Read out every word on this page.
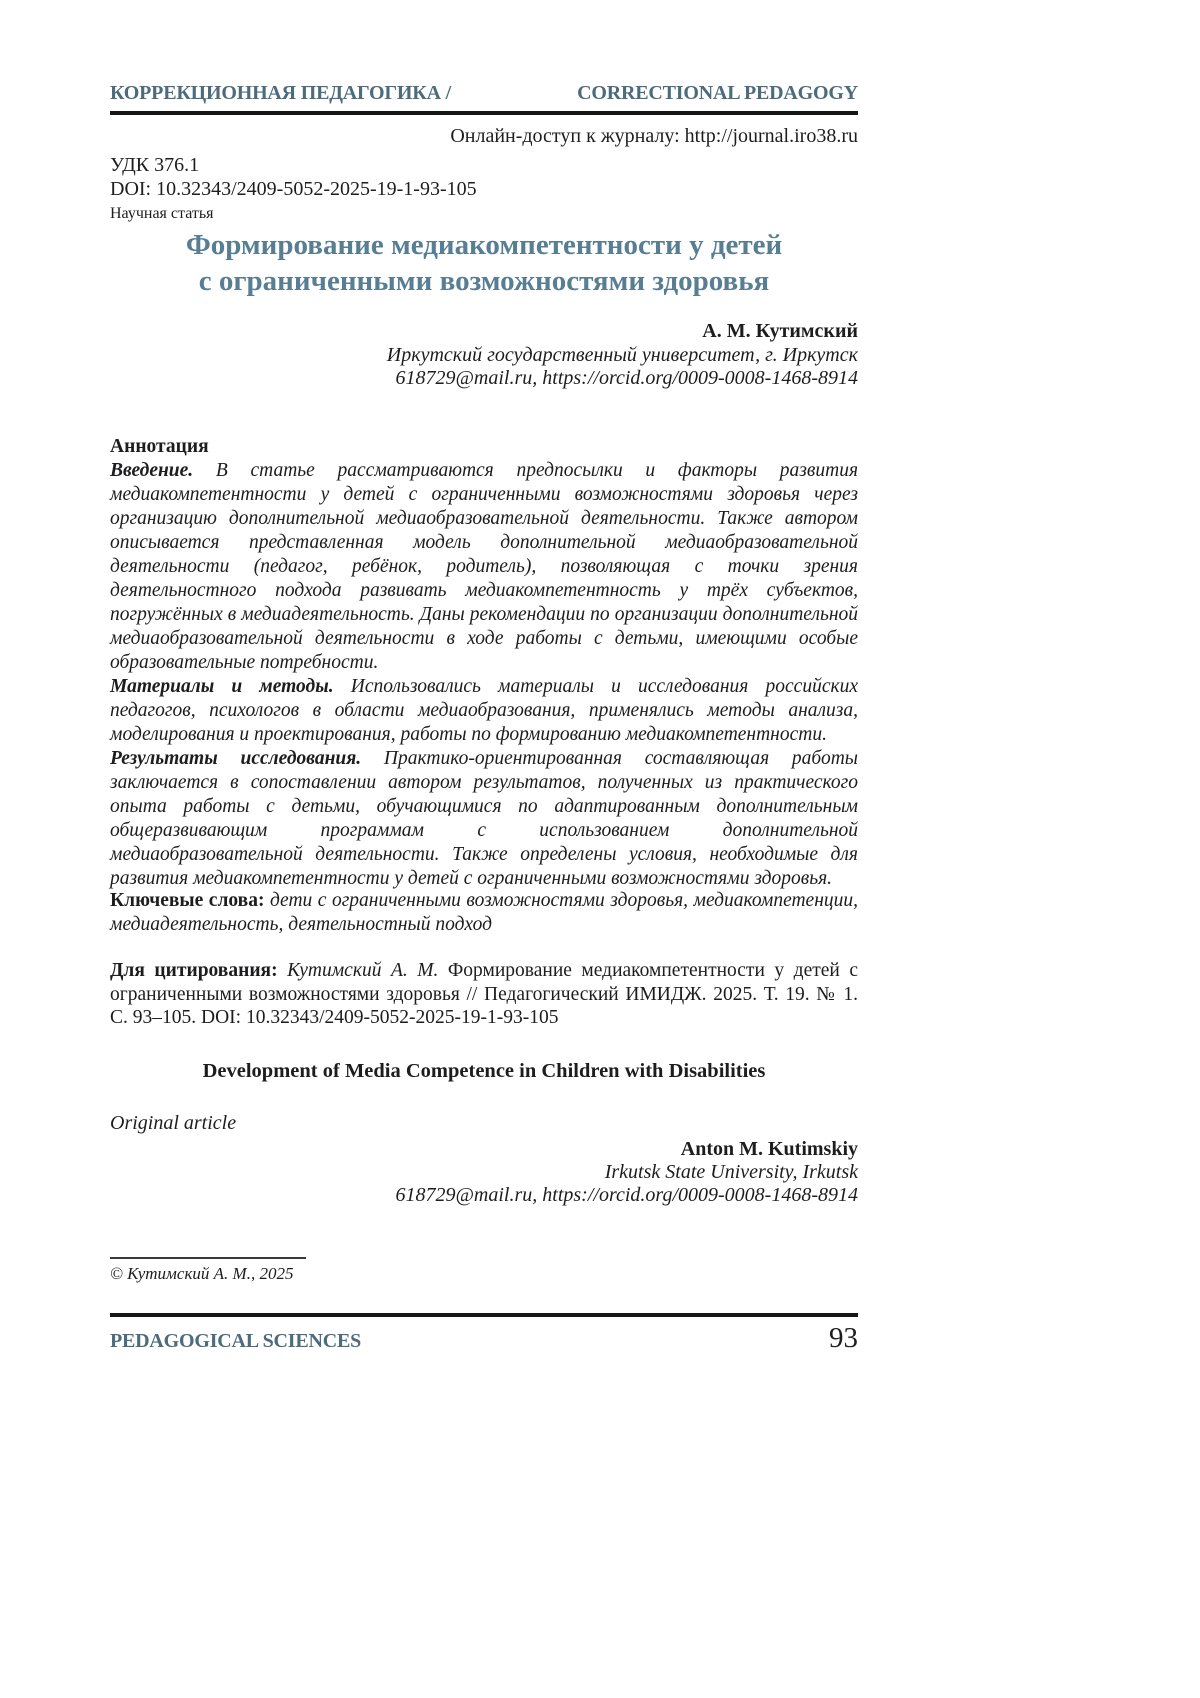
КОРРЕКЦИОННАЯ ПЕДАГОГИКА /	CORRECTIONAL PEDAGOGY
Онлайн-доступ к журналу: http://journal.iro38.ru
УДК 376.1
DOI: 10.32343/2409-5052-2025-19-1-93-105
Научная статья
Формирование медиакомпетентности у детей
с ограниченными возможностями здоровья
А. М. Кутимский
Иркутский государственный университет, г. Иркутск
618729@mail.ru, https://orcid.org/0009-0008-1468-8914
Аннотация

Введение. В статье рассматриваются предпосылки и факторы развития медиакомпетентности у детей с ограниченными возможностями здоровья через организацию дополнительной медиаобразовательной деятельности. Также автором описывается представленная модель дополнительной медиаобразовательной деятельности (педагог, ребёнок, родитель), позволяющая с точки зрения деятельностного подхода развивать медиакомпетентность у трёх субъектов, погружённых в медиадеятельность. Даны рекомендации по организации дополнительной медиаобразовательной деятельности в ходе работы с детьми, имеющими особые образовательные потребности.

Материалы и методы. Использовались материалы и исследования российских педагогов, психологов в области медиаобразования, применялись методы анализа, моделирования и проектирования, работы по формированию медиакомпетентности.

Результаты исследования. Практико-ориентированная составляющая работы заключается в сопоставлении автором результатов, полученных из практического опыта работы с детьми, обучающимися по адаптированным дополнительным общеразвивающим программам с использованием дополнительной медиаобразовательной деятельности. Также определены условия, необходимые для развития медиакомпетентности у детей с ограниченными возможностями здоровья.

Ключевые слова: дети с ограниченными возможностями здоровья, медиакомпетенции, медиадеятельность, деятельностный подход

Для цитирования: Кутимский А. М. Формирование медиакомпетентности у детей с ограниченными возможностями здоровья // Педагогический ИМИДЖ. 2025. Т. 19. № 1. С. 93–105. DOI: 10.32343/2409-5052-2025-19-1-93-105

Development of Media Competence in Children with Disabilities
Original article
Anton M. Kutimskiy
Irkutsk State University, Irkutsk
618729@mail.ru, https://orcid.org/0009-0008-1468-8914
© Кутимский А. М., 2025
PEDAGOGICAL SCIENCES	93
